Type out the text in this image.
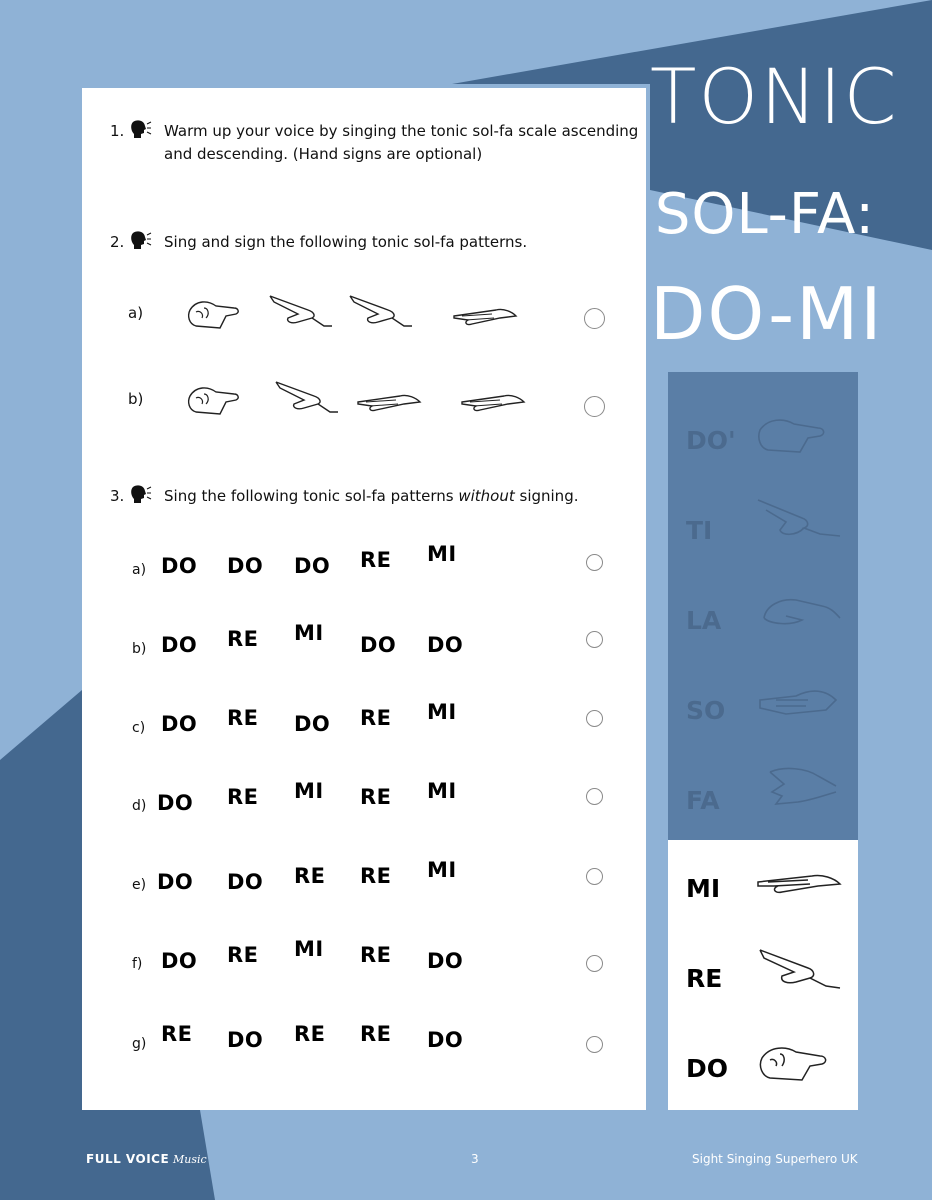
TONIC
SOL-FA:
DO-MI
1.	Warm up your voice by singing the tonic sol-fa scale ascending and descending. (Hand signs are optional)
2.	Sing and sign the following tonic sol-fa patterns.
a)
b)
3.	Sing the following tonic sol-fa patterns without signing.
a) DO DO DO RE MI
b) DO RE MI DO DO
c) DO RE DO RE MI
d) DO RE MI RE MI
e) DO DO RE RE MI
f) DO RE MI RE DO
g) RE DO RE RE DO
DO'
TI
LA
SO
FA
MI
RE
DO
FULL VOICE Music	3	Sight Singing Superhero UK
